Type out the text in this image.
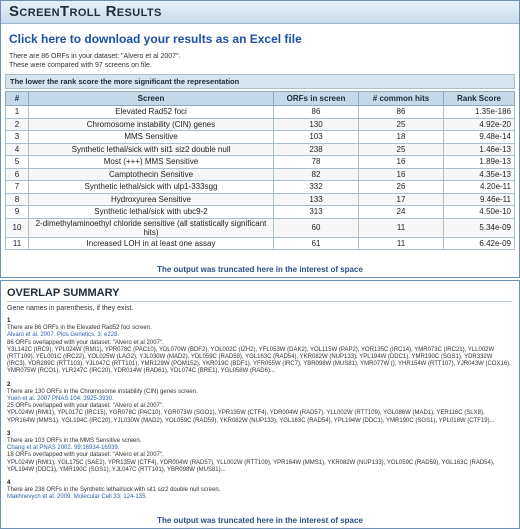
ScreenTroll Results
Click here to download your results as an Excel file
There are 86 ORFs in your dataset: "Alvero et al 2007".
These were compared with 97 screens on file.
The lower the rank score the more significant the representation
#	Screen	ORFs in screen	# common hits	Rank Score
1	Elevated Rad52 foci	86	86	1.35e-186
2	Chromosome instability (CIN) genes	130	25	4.92e-20
3	MMS Sensitive	103	18	9.48e-14
4	Synthetic lethal/sick with sit1 siz2 double null	238	25	1.46e-13
5	Most (+++) MMS Sensitive	78	16	1.89e-13
6	Camptothecin Sensitive	82	16	4.35e-13
7	Synthetic lethal/sick with ulp1-333sgg	332	26	4.20e-11
8	Hydroxyurea Sensitive	133	17	9.46e-11
9	Synthetic lethal/sick with ubc9-2	313	24	4.50e-10
10	2-dimethylaminoethyl chloride sensitive (all statistically significant hits)	60	11	5.34e-09
11	Increased LOH in at least one assay	61	11	6.42e-09
The output was truncated here in the interest of space
OVERLAP SUMMARY
Gene names in parenthesis, if they exist.
1
There are 86 ORFs in the Elevated Rad52 foci screen.
Alvaro et al. 2007. Plos Genetics. 3: e228.
86 ORFs overlapped with your dataset: "Alvero et al 2007".
Y3L142C (IRC9), YPL024W (RMI1), YPR078C (PAC10), YDL070W (BDF2), YOL002C (IZH2), YFL053W (DAK2), YOL115W (PAP2), YOR135C (IRC14), YMR073C (IRC21), YLL002W (RTT109), YEL001C (IRC22), YOL025W (LAG2), YJL030W (MAD2), YDL059C (RAD59), YGL163C (RAD54), YKR082W (NUP133), YPL194W (DDC1), YMR190C (SGS1), YDR332W (IRC3), YDR289C (RTT103), YJL047C (RTT101), YMR129W (POM152), YKR019C (BDF1), YFR055W (IRC7), YBR098W (MUS81), YMR077W (), YHR154W (RTT107), YJR043W (COX16), YMR075W (RCO1), YLR247C (IRC20), YDR014W (RAD61), YDL074C (BRE1), YGL058W (RAD6)...
2
There are 130 ORFs in the Chromosome instability (CIN) genes screen.
Yuen et al. 2007 PNAS 104: 3925-3930.
25 ORFs overlapped with your dataset: "Alvero et al 2007".
YPL024W (RMI1), YPL017C (IRC15), YGR078C (PAC10), YGR073W (SGO1), YPR135W (CTF4), YDR004W (RAD57), YLL002W (RTT109), YGL086W (MAD1), YER116C (SLX8), YPR164W (MMS1), YGL194C (IRC20), YJL030W (MAD2), YOL059C (RAD59), YKR082W (NUP133), YGL163C (RAD54), YPL194W (DDC1), YMR190C (SGS1), YPL018W (CTF19)...
3
There are 103 ORFs in the MMS Sensitive screen.
Chang et al PNAS 2002. 99;16934-16939.
18 ORFs overlapped with your dataset: "Alvero et al 2007".
YPL024W (RMI1), YGL175C (SAE2), YPR135W (CTF4), YDR004W (RAD57), YLL002W (RTT109), YPR164W (MMS1), YKR082W (NUP133), YOL059C (RAD59), YGL163C (RAD54), YPL194W (DDC1), YMR190C (SGS1), YJL047C (RTT101), YBR098W (MUS81)...
4
There are 238 ORFs in the Synthetic lethal/sick with sit1 siz2 double null screen.
Makhnevych et al. 2009. Molecular Cell 33; 124-135.
The output was truncated here in the interest of space
